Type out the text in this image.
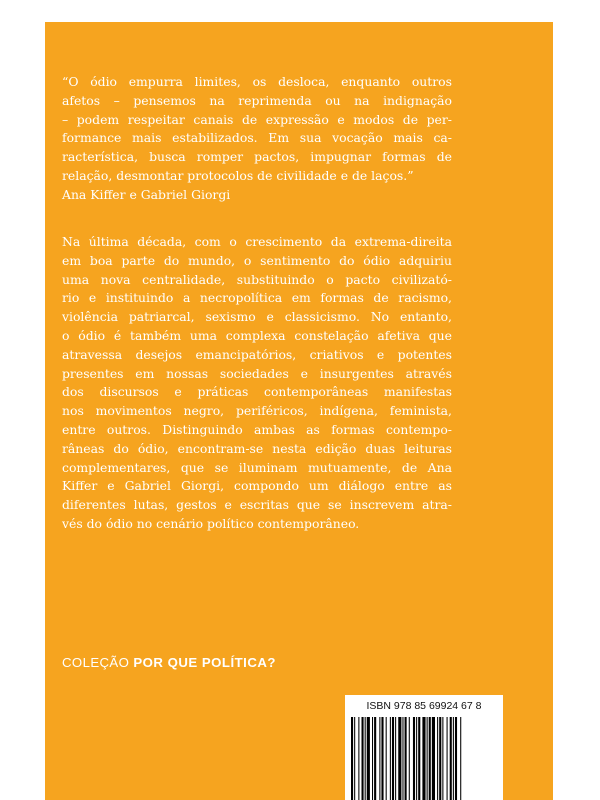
“O ódio empurra limites, os desloca, enquanto outros
afetos – pensemos na reprimenda ou na indignação
– podem respeitar canais de expressão e modos de per-
formance mais estabilizados. Em sua vocação mais ca-
racterística, busca romper pactos, impugnar formas de
relação, desmontar protocolos de civilidade e de laços.”
Ana Kiffer e Gabriel Giorgi

Na última década, com o crescimento da extrema-direita
em boa parte do mundo, o sentimento do ódio adquiriu
uma nova centralidade, substituindo o pacto civilizató-
rio e instituindo a necropolítica em formas de racismo,
violência patriarcal, sexismo e classicismo. No entanto,
o ódio é também uma complexa constelação afetiva que
atravessa desejos emancipatórios, criativos e potentes
presentes em nossas sociedades e insurgentes através
dos discursos e práticas contemporâneas manifestas
nos movimentos negro, periféricos, indígena, feminista,
entre outros. Distinguindo ambas as formas contempo-
râneas do ódio, encontram-se nesta edição duas leituras
complementares, que se iluminam mutuamente, de Ana
Kiffer e Gabriel Giorgi, compondo um diálogo entre as
diferentes lutas, gestos e escritas que se inscrevem atra-
vés do ódio no cenário político contemporâneo.

COLEÇÃO POR QUE POLÍTICA?
ISBN 978 85 69924 67 8
